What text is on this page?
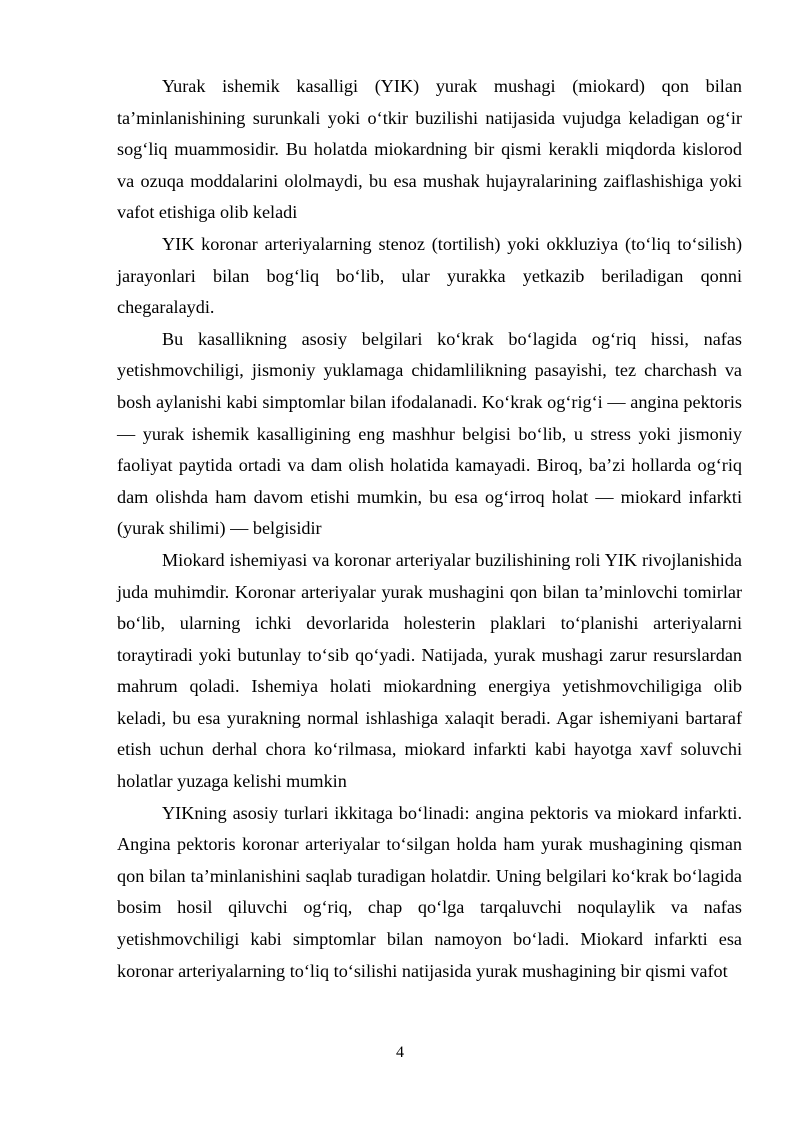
Yurak ishemik kasalligi (YIK) yurak mushagi (miokard) qon bilan ta’minlanishining surunkali yoki o‘tkir buzilishi natijasida vujudga keladigan og‘ir sog‘liq muammosidir. Bu holatda miokardning bir qismi kerakli miqdorda kislorod va ozuqa moddalarini ololmaydi, bu esa mushak hujayralarining zaiflashishiga yoki vafot etishiga olib keladi

YIK koronar arteriyalarning stenoz (tortilish) yoki okkluziya (to‘liq to‘silish) jarayonlari bilan bog‘liq bo‘lib, ular yurakka yetkazib beriladigan qonni chegaralaydi.

Bu kasallikning asosiy belgilari ko‘krak bo‘lagida og‘riq hissi, nafas yetishmovchiligi, jismoniy yuklamaga chidamlilikning pasayishi, tez charchash va bosh aylanishi kabi simptomlar bilan ifodalanadi. Ko‘krak og‘rig‘i — angina pektoris — yurak ishemik kasalligining eng mashhur belgisi bo‘lib, u stress yoki jismoniy faoliyat paytida ortadi va dam olish holatida kamayadi. Biroq, ba’zi hollarda og‘riq dam olishda ham davom etishi mumkin, bu esa og‘irroq holat — miokard infarkti (yurak shilimi) — belgisidir

Miokard ishemiyasi va koronar arteriyalar buzilishining roli YIK rivojlanishida juda muhimdir. Koronar arteriyalar yurak mushagini qon bilan ta’minlovchi tomirlar bo‘lib, ularning ichki devorlarida holesterin plaklari to‘planishi arteriyalarni toraytiradi yoki butunlay to‘sib qo‘yadi. Natijada, yurak mushagi zarur resurslardan mahrum qoladi. Ishemiya holati miokardning energiya yetishmovchiligiga olib keladi, bu esa yurakning normal ishlashiga xalaqit beradi. Agar ishemiyani bartaraf etish uchun derhal chora ko‘rilmasa, miokard infarkti kabi hayotga xavf soluvchi holatlar yuzaga kelishi mumkin

YIKning asosiy turlari ikkitaga bo‘linadi: angina pektoris va miokard infarkti. Angina pektoris koronar arteriyalar to‘silgan holda ham yurak mushagining qisman qon bilan ta’minlanishini saqlab turadigan holatdir. Uning belgilari ko‘krak bo‘lagida bosim hosil qiluvchi og‘riq, chap qo‘lga tarqaluvchi noqulaylik va nafas yetishmovchiligi kabi simptomlar bilan namoyon bo‘ladi. Miokard infarkti esa koronar arteriyalarning to‘liq to‘silishi natijasida yurak mushagining bir qismi vafot

4
